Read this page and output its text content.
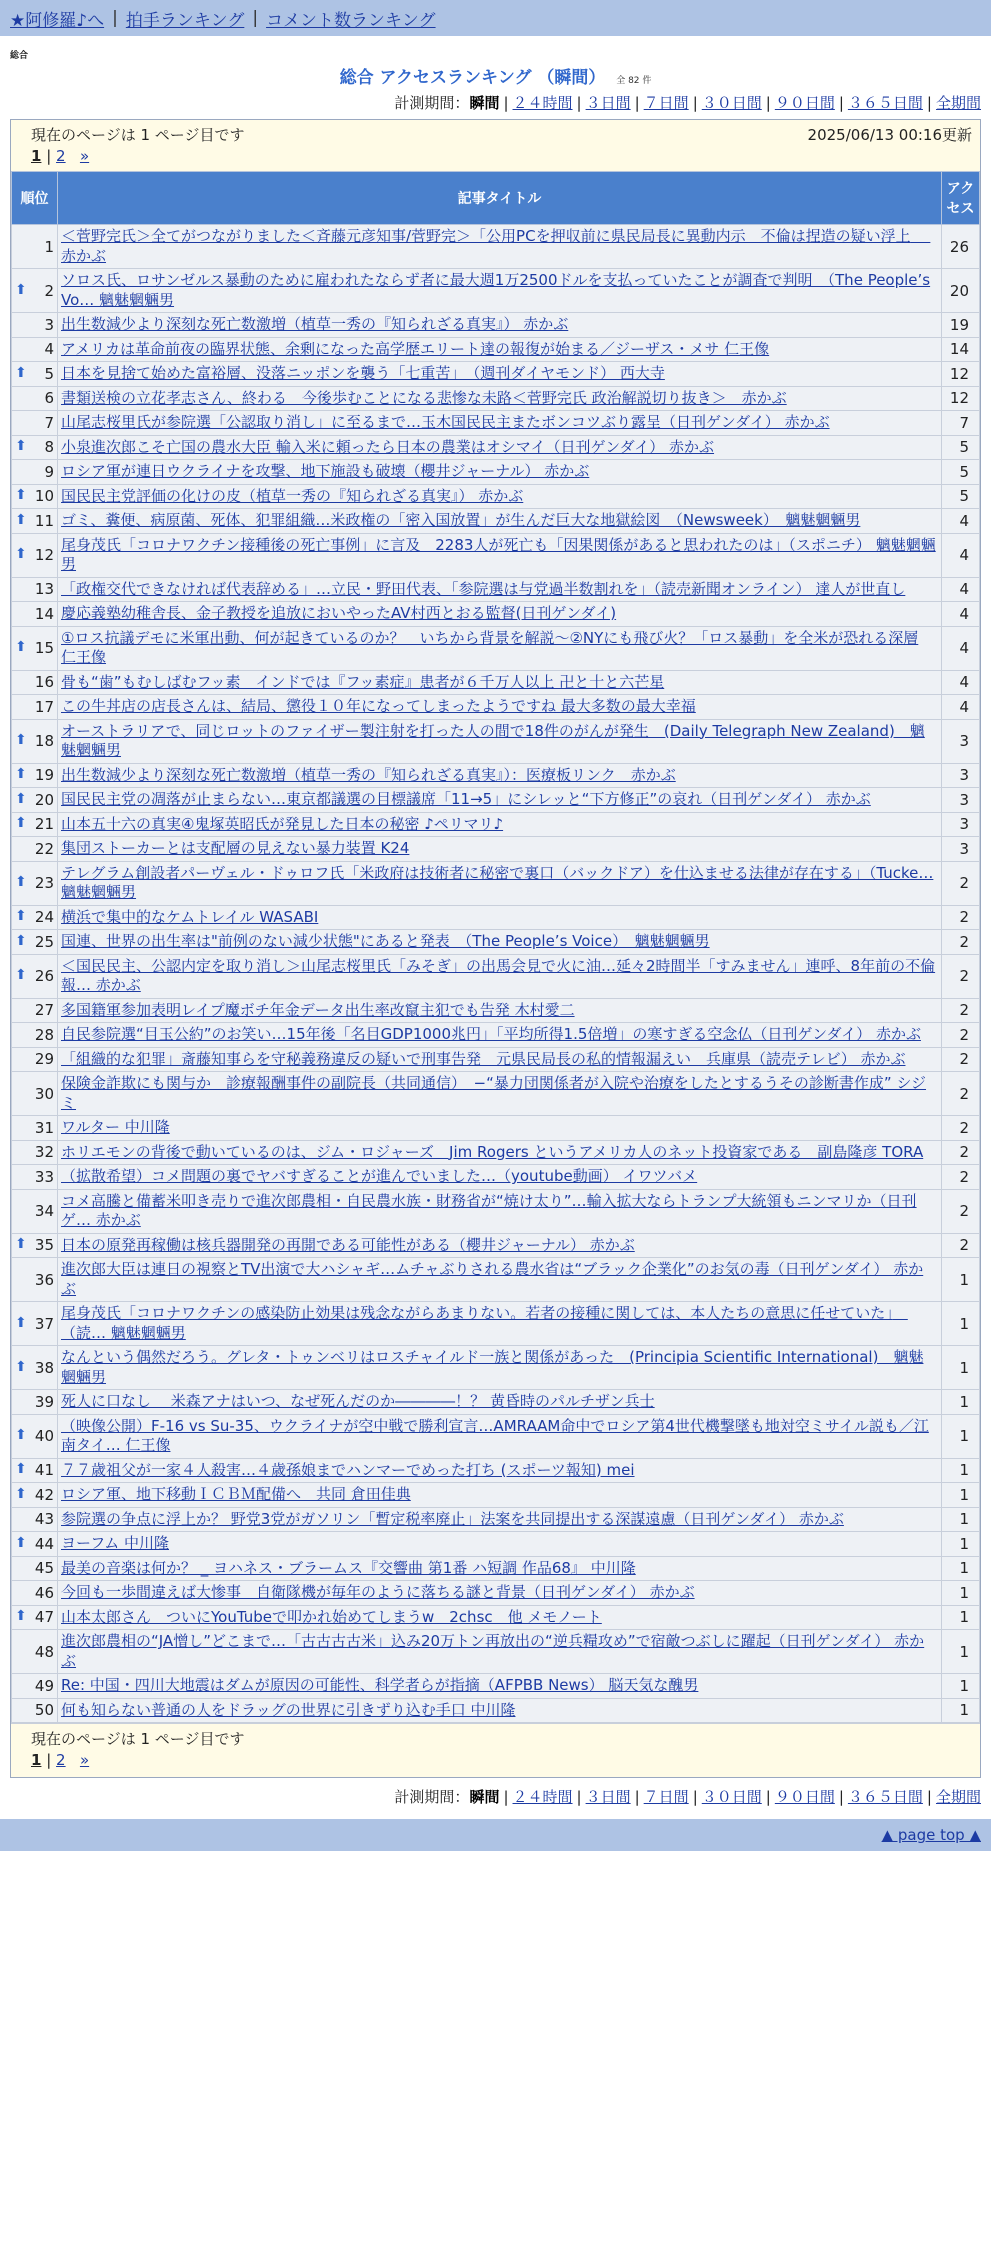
★阿修羅♪へ | 拍手ランキング | コメント数ランキング
総合
総合 アクセスランキング （瞬間） 全 82 件
計測期間：瞬間 | ２４時間 | ３日間 | ７日間 | ３０日間 | ９０日間 | ３６５日間 | 全期間
現在のページは 1 ページ目です	2025/06/13 00:16更新
1 | 2 »
順位	記事タイトル	アクセス
1	＜菅野完氏＞全てがつながりました＜斉藤元彦知事/菅野完＞「公用PCを押収前に県民局長に異動内示　不倫は捏造の疑い浮上　 赤かぶ	26

⬆ 2	ソロス氏、ロサンゼルス暴動のために雇われたならず者に最大週1万2500ドルを支払っていたことが調査で判明　（The People’s Vo… 魑魅魍魎男	20
3	出生数減少より深刻な死亡数激増（植草一秀の『知られざる真実』） 赤かぶ	19
4	アメリカは革命前夜の臨界状態、余剰になった高学歴エリート達の報復が始まる／ジーザス・メサ 仁王像	14

⬆ 5	日本を見捨て始めた富裕層、没落ニッポンを襲う「七重苦」　（週刊ダイヤモンド） 西大寺	12
6	書類送検の立花孝志さん、終わる　今後歩むことになる悲惨な未路＜菅野完氏 政治解説切り抜き＞　赤かぶ	12
7	山尾志桜里氏が参院選「公認取り消し」に至るまで…玉木国民民主またボンコツぶり露呈（日刊ゲンダイ） 赤かぶ	7

⬆ 8	小泉進次郎こそ亡国の農水大臣 輸入米に頼ったら日本の農業はオシマイ（日刊ゲンダイ） 赤かぶ	5
9	ロシア軍が連日ウクライナを攻撃、地下施設も破壊（櫻井ジャーナル） 赤かぶ	5

⬆ 10	国民民主党評価の化けの皮（植草一秀の『知られざる真実』） 赤かぶ	5

⬆ 11	ゴミ、糞便、病原菌、死体、犯罪組織…米政権の「密入国放置」が生んだ巨大な地獄絵図　（Newsweek）　魑魅魍魎男	4

⬆ 12	尾身茂氏「コロナワクチン接種後の死亡事例」に言及　2283人が死亡も「因果関係があると思われたのは」（スポニチ） 魑魅魍魎男	4
13	「政権交代できなければ代表辞める」…立民・野田代表、「参院選は与党過半数割れを」（読売新聞オンライン） 達人が世直し	4
14	慶応義塾幼稚舎長、金子教授を追放においやったAV村西とおる監督(日刊ゲンダイ)	4

⬆ 15	①ロス抗議デモに米軍出動、何が起きているのか？　いちから背景を解説〜②NYにも飛び火？「ロス暴動」を全米が恐れる深層 仁王像	4
16	骨も“歯”もむしばむフッ素　インドでは『フッ素症』患者が６千万人以上 卍と十と六芒星	4
17	この牛丼店の店長さんは、結局、懲役１０年になってしまったようですね 最大多数の最大幸福	4

⬆ 18	オーストラリアで、同じロットのファイザー製注射を打った人の間で18件のがんが発生　(Daily Telegraph New Zealand)　魑魅魍魎男	3

⬆ 19	出生数減少より深刻な死亡数激増（植草一秀の『知られざる真実』）：医療板リンク　赤かぶ	3

⬆ 20	国民民主党の凋落が止まらない…東京都議選の目標議席「11→5」にシレッと“下方修正”の哀れ（日刊ゲンダイ） 赤かぶ	3

⬆ 21	山本五十六の真実④鬼塚英昭氏が発見した日本の秘密 ♪ペリマリ♪	3
22	集団ストーカーとは支配層の見えない暴力装置 K24	3

⬆ 23	テレグラム創設者パーヴェル・ドゥロフ氏「米政府は技術者に秘密で裏口（バックドア）を仕込ませる法律が存在する」（Tucke… 魑魅魍魎男	2

⬆ 24	横浜で集中的なケムトレイル WASABI	2

⬆ 25	国連、世界の出生率は"前例のない減少状態"にあると発表　（The People’s Voice）　魑魅魍魎男	2

⬆ 26	＜国民民主、公認内定を取り消し＞山尾志桜里氏「みそぎ」の出馬会見で火に油…延々2時間半「すみません」連呼、8年前の不倫報… 赤かぶ	2
27	多国籍軍参加表明レイプ魔ボチ年金データ出生率改竄主犯でも告発 木村愛二	2
28	自民参院選“目玉公約”のお笑い…15年後「名目GDP1000兆円」「平均所得1.5倍増」の寒すぎる空念仏（日刊ゲンダイ） 赤かぶ	2
29	「組織的な犯罪」斎藤知事らを守秘義務違反の疑いで刑事告発　元県民局長の私的情報漏えい　兵庫県（読売テレビ） 赤かぶ	2
30	保険金詐欺にも関与か　診療報酬事件の副院長（共同通信）　−“暴力団関係者が入院や治療をしたとするうその診断書作成” シジミ	2
31	ワルター 中川隆	2
32	ホリエモンの背後で動いているのは、ジム・ロジャーズ　Jim Rogers というアメリカ人のネット投資家である　副島隆彦 TORA	2
33	（拡散希望）コメ問題の裏でヤバすぎることが進んでいました…（youtube動画） イワツバメ	2
34	コメ高騰と備蓄米叩き売りで進次郎農相・自民農水族・財務省が“焼け太り”…輸入拡大ならトランプ大統領もニンマリか（日刊ゲ… 赤かぶ	2

⬆ 35	日本の原発再稼働は核兵器開発の再開である可能性がある（櫻井ジャーナル） 赤かぶ	2
36	進次郎大臣は連日の視察とTV出演で大ハシャギ…ムチャぶりされる農水省は“ブラック企業化”のお気の毒（日刊ゲンダイ） 赤かぶ	1

⬆ 37	尾身茂氏「コロナワクチンの感染防止効果は残念ながらあまりない。若者の接種に関しては、本人たちの意思に任せていた」　（読… 魑魅魍魎男	1

⬆ 38	なんという偶然だろう。グレタ・トゥンベリはロスチャイルド一族と関係があった　(Principia Scientific International)　魑魅魍魎男	1
39	死人に口なし　 米森アナはいつ、なぜ死んだのか――――！？ 黄昏時のパルチザン兵士	1

⬆ 40	（映像公開）F-16 vs Su-35、ウクライナが空中戦で勝利宣言…AMRAAM命中でロシア第4世代機撃墜も地対空ミサイル説も／江南タイ… 仁王像	1

⬆ 41	７７歳祖父が一家４人殺害…４歳孫娘までハンマーでめった打ち (スポーツ報知) mei	1

⬆ 42	ロシア軍、地下移動ＩＣＢＭ配備へ　共同 倉田佳典	1
43	参院選の争点に浮上か？ 野党3党がガソリン「暫定税率廃止」法案を共同提出する深謀遠慮（日刊ゲンダイ） 赤かぶ	1

⬆ 44	ヨーフム 中川隆	1
45	最美の音楽は何か？ _ ヨハネス・ブラームス『交響曲 第1番 ハ短調 作品68』 中川隆	1
46	今回も一歩間違えば大惨事　自衛隊機が毎年のように落ちる謎と背景（日刊ゲンダイ） 赤かぶ	1

⬆ 47	山本太郎さん　ついにYouTubeで叩かれ始めてしまうw　2chsc　他 メモノート	1
48	進次郎農相の“JA憎し”どこまで…「古古古古米」込み20万トン再放出の“逆兵糧攻め”で宿敵つぶしに躍起（日刊ゲンダイ） 赤かぶ	1
49	Re: 中国・四川大地震はダムが原因の可能性、科学者らが指摘（AFPBB News） 脳天気な醜男	1
50	何も知らない普通の人をドラッグの世界に引きずり込む手口 中川隆	1
現在のページは 1 ページ目です
1 | 2 »
計測期間：瞬間 | ２４時間 | ３日間 | ７日間 | ３０日間 | ９０日間 | ３６５日間 | 全期間
▲ page top ▲
